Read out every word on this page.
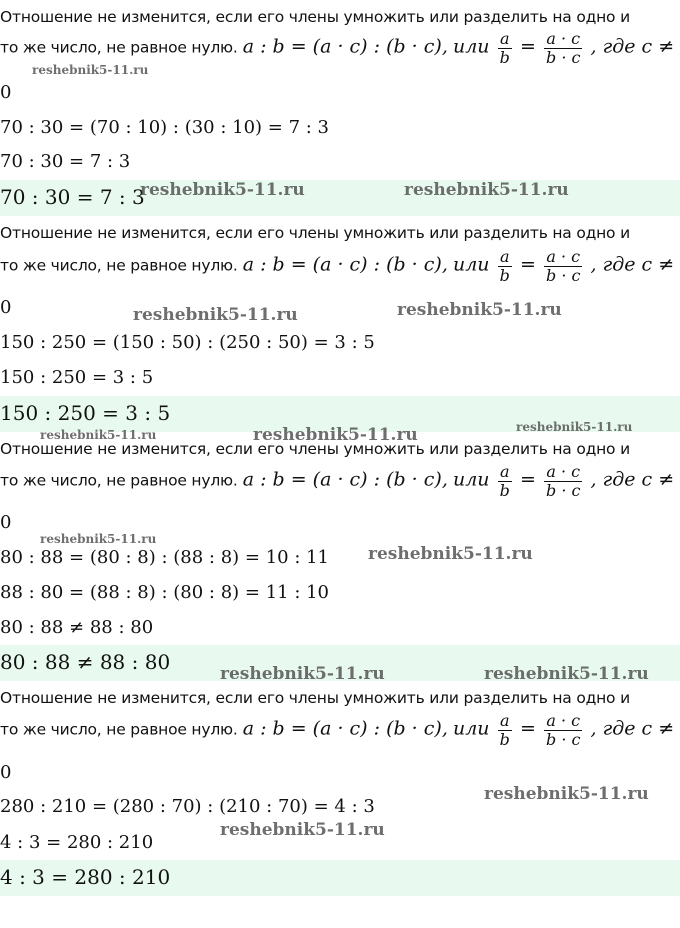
Отношение не изменится, если его члены умножить или разделить на одно и
то же число, не равное нулю. a : b = (a · c) : (b · c), или $\frac{a}{b} = \frac{a \cdot c}{b \cdot c}$ , где c ≠
0
70 : 30 = (70 : 10) : (30 : 10) = 7 : 3
70 : 30 = 7 : 3
70 : 30 = 7 : 3
Отношение не изменится, если его члены умножить или разделить на одно и
то же число, не равное нулю. a : b = (a · c) : (b · c), или $\frac{a}{b} = \frac{a \cdot c}{b \cdot c}$ , где c ≠
0
150 : 250 = (150 : 50) : (250 : 50) = 3 : 5
150 : 250 = 3 : 5
150 : 250 = 3 : 5
Отношение не изменится, если его члены умножить или разделить на одно и
то же число, не равное нулю. a : b = (a · c) : (b · c), или $\frac{a}{b} = \frac{a \cdot c}{b \cdot c}$ , где c ≠
0
80 : 88 = (80 : 8) : (88 : 8) = 10 : 11
88 : 80 = (88 : 8) : (80 : 8) = 11 : 10
80 : 88 ≠ 88 : 80
80 : 88 ≠ 88 : 80
Отношение не изменится, если его члены умножить или разделить на одно и
то же число, не равное нулю. a : b = (a · c) : (b · c), или $\frac{a}{b} = \frac{a \cdot c}{b \cdot c}$ , где c ≠
0
280 : 210 = (280 : 70) : (210 : 70) = 4 : 3
4 : 3 = 280 : 210
4 : 3 = 280 : 210
reshebnik5-11.ru
reshebnik5-11.ru	reshebnik5-11.ru
reshebnik5-11.ru	reshebnik5-11.ru
reshebnik5-11.ru
reshebnik5-11.ru	reshebnik5-11.ru
reshebnik5-11.ru
reshebnik5-11.ru
reshebnik5-11.ru	reshebnik5-11.ru
reshebnik5-11.ru
reshebnik5-11.ru
